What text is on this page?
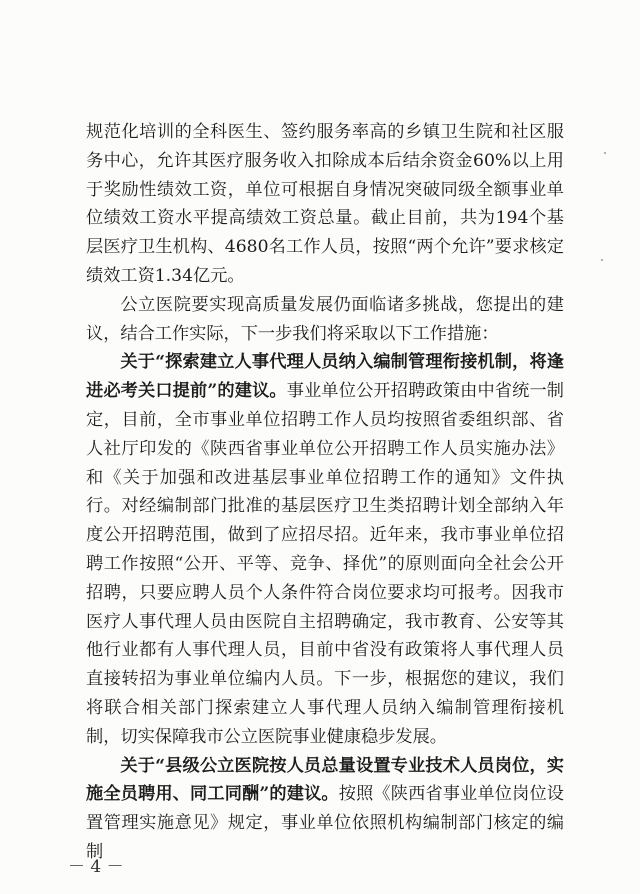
规范化培训的全科医生、签约服务率高的乡镇卫生院和社区服务中心，允许其医疗服务收入扣除成本后结余资金60%以上用于奖励性绩效工资，单位可根据自身情况突破同级全额事业单位绩效工资水平提高绩效工资总量。截止目前，共为194个基层医疗卫生机构、4680名工作人员，按照“两个允许”要求核定绩效工资1.34亿元。

公立医院要实现高质量发展仍面临诸多挑战，您提出的建议，结合工作实际，下一步我们将采取以下工作措施：

关于“探索建立人事代理人员纳入编制管理衔接机制，将逢进必考关口提前”的建议。事业单位公开招聘政策由中省统一制定，目前，全市事业单位招聘工作人员均按照省委组织部、省人社厅印发的《陕西省事业单位公开招聘工作人员实施办法》和《关于加强和改进基层事业单位招聘工作的通知》文件执行。对经编制部门批准的基层医疗卫生类招聘计划全部纳入年度公开招聘范围，做到了应招尽招。近年来，我市事业单位招聘工作按照“公开、平等、竞争、择优”的原则面向全社会公开招聘，只要应聘人员个人条件符合岗位要求均可报考。因我市医疗人事代理人员由医院自主招聘确定，我市教育、公安等其他行业都有人事代理人员，目前中省没有政策将人事代理人员直接转招为事业单位编内人员。下一步，根据您的建议，我们将联合相关部门探索建立人事代理人员纳入编制管理衔接机制，切实保障我市公立医院事业健康稳步发展。

关于“县级公立医院按人员总量设置专业技术人员岗位，实施全员聘用、同工同酬”的建议。按照《陕西省事业单位岗位设置管理实施意见》规定，事业单位依照机构编制部门核定的编制

－ 4 －
